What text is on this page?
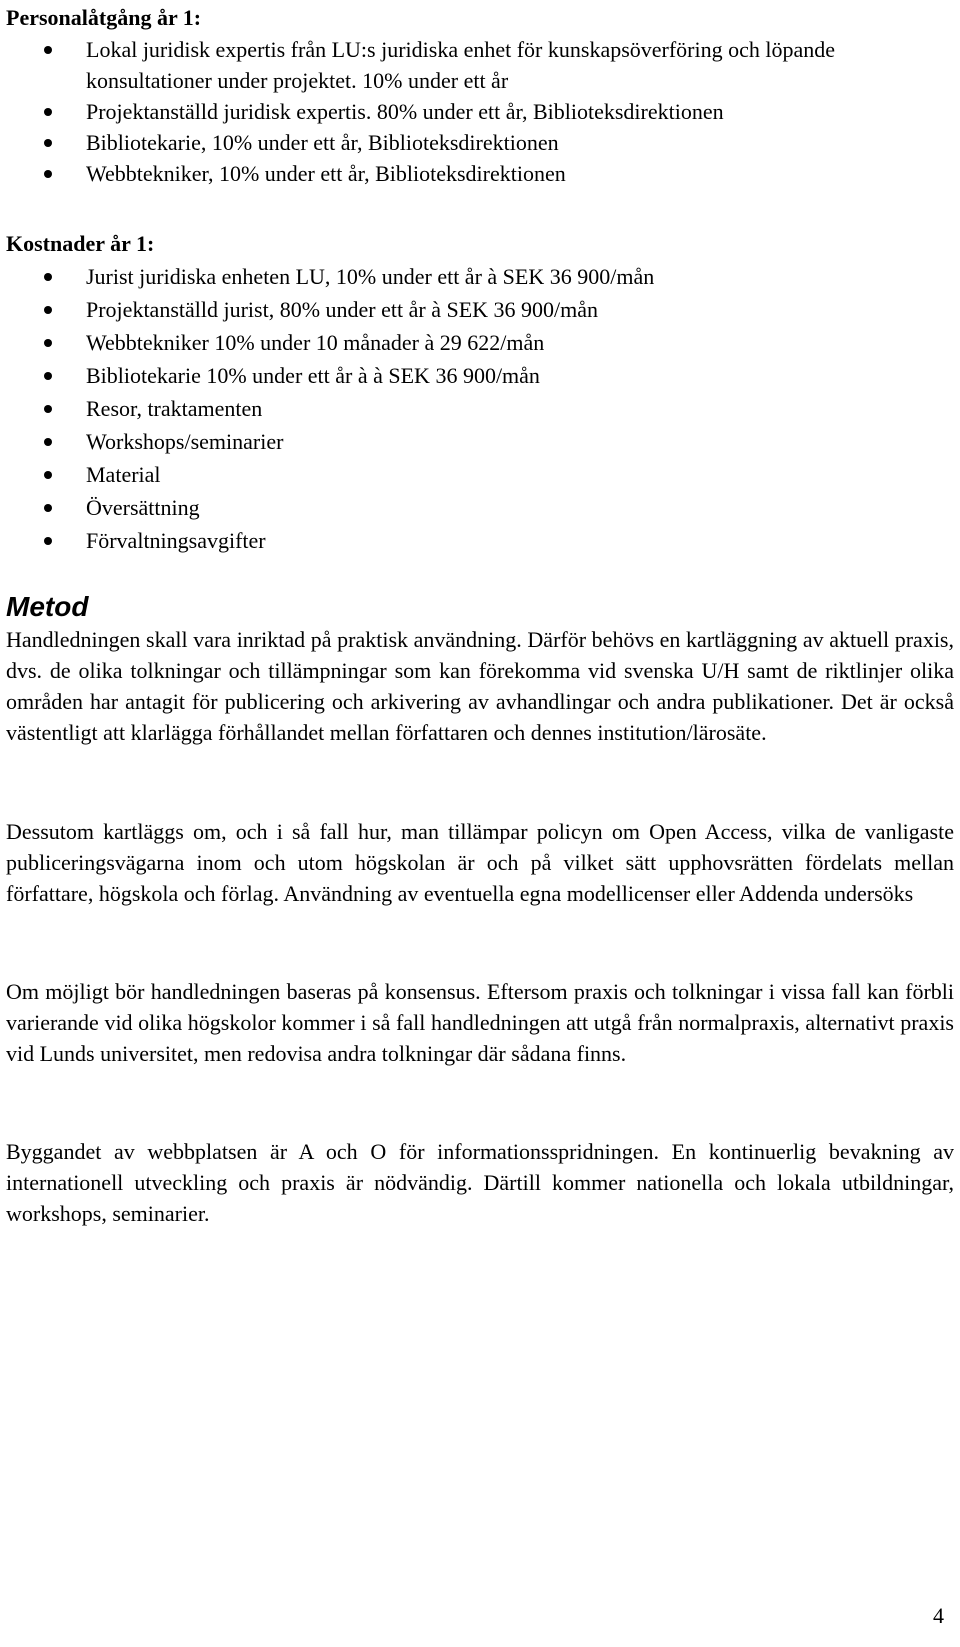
Personalåtgång år 1:
Lokal juridisk expertis från LU:s juridiska enhet för kunskapsöverföring och löpande konsultationer under projektet. 10% under ett år
Projektanställd juridisk expertis. 80% under ett år, Biblioteksdirektionen
Bibliotekarie, 10% under ett år, Biblioteksdirektionen
Webbtekniker, 10% under ett år, Biblioteksdirektionen
Kostnader år 1:
Jurist juridiska enheten LU, 10% under ett år à SEK 36 900/mån
Projektanställd jurist, 80% under ett år à SEK 36 900/mån
Webbtekniker 10% under 10 månader à 29 622/mån
Bibliotekarie 10% under ett år à à SEK 36 900/mån
Resor, traktamenten
Workshops/seminarier
Material
Översättning
Förvaltningsavgifter
Metod

Handledningen skall vara inriktad på praktisk användning. Därför behövs en kartläggning av aktuell praxis, dvs. de olika tolkningar och tillämpningar som kan förekomma vid svenska U/H samt de riktlinjer olika områden har antagit för publicering och arkivering av avhandlingar och andra publikationer. Det är också västentligt att klarlägga förhållandet mellan författaren och dennes institution/lärosäte.

Dessutom kartläggs om, och i så fall hur, man tillämpar policyn om Open Access, vilka de vanligaste publiceringsvägarna inom och utom högskolan är och på vilket sätt upphovsrätten fördelats mellan författare, högskola och förlag. Användning av eventuella egna modellicenser eller Addenda undersöks

Om möjligt bör handledningen baseras på konsensus. Eftersom praxis och tolkningar i vissa fall kan förbli varierande vid olika högskolor kommer i så fall handledningen att utgå från normalpraxis, alternativt praxis vid Lunds universitet, men redovisa andra tolkningar där sådana finns.

Byggandet av webbplatsen är A och O för informationsspridningen. En kontinuerlig bevakning av internationell utveckling och praxis är nödvändig. Därtill kommer nationella och lokala utbildningar, workshops, seminarier.

4
